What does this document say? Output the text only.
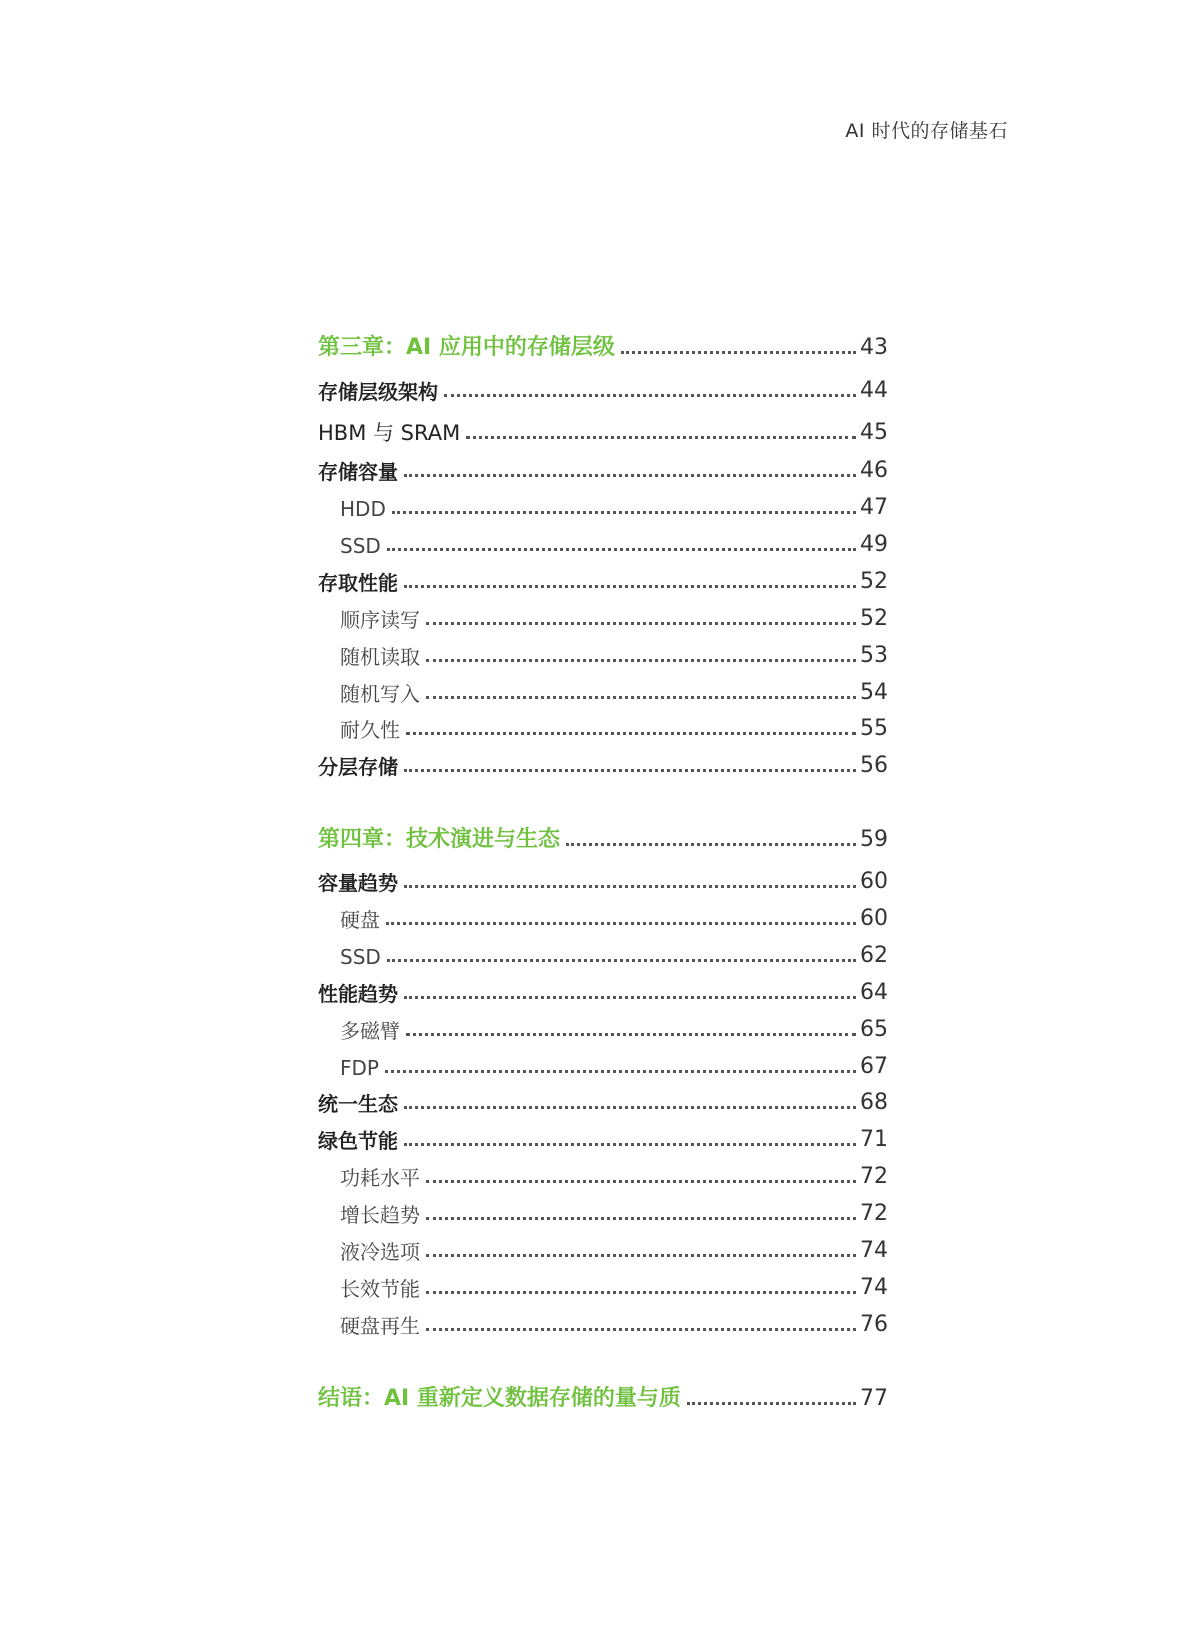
AI 时代的存储基石
第三章：AI 应用中的存储层级	43
存储层级架构	44
HBM 与 SRAM	45
存储容量	46
HDD	47
SSD	49
存取性能	52
顺序读写	52
随机读取	53
随机写入	54
耐久性	55
分层存储	56
第四章：技术演进与生态	59
容量趋势	60
硬盘	60
SSD	62
性能趋势	64
多磁臂	65
FDP	67
统一生态	68
绿色节能	71
功耗水平	72
增长趋势	72
液冷选项	74
长效节能	74
硬盘再生	76
结语：AI 重新定义数据存储的量与质	77
